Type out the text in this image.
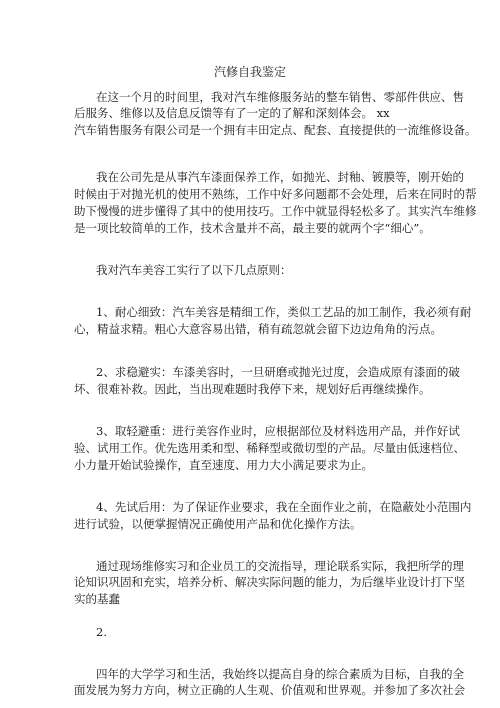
汽修自我鉴定
在这一个月的时间里，我对汽车维修服务站的整车销售、零部件供应、售
后服务、维修以及信息反馈等有了一定的了解和深刻体会。 xx
汽车销售服务有限公司是一个拥有丰田定点、配套、直接提供的一流维修设备。
我在公司先是从事汽车漆面保养工作，如抛光、封釉、镀膜等，刚开始的
时候由于对抛光机的使用不熟练，工作中好多问题都不会处理，后来在同时的帮
助下慢慢的进步懂得了其中的使用技巧。工作中就显得轻松多了。其实汽车维修
是一项比较简单的工作，技术含量并不高，最主要的就两个字“细心”。
我对汽车美容工实行了以下几点原则：
1、耐心细致：汽车美容是精细工作，类似工艺品的加工制作，我必须有耐
心，精益求精。粗心大意容易出错，稍有疏忽就会留下边边角角的污点。
2、求稳避实：车漆美容时，一旦研磨或抛光过度，会造成原有漆面的破
坏、很难补救。因此，当出现难题时我停下来，规划好后再继续操作。
3、取轻避重：进行美容作业时，应根据部位及材料选用产品，并作好试
验、试用工作。优先选用柔和型、稀释型或微切型的产品。尽量由低速档位、
小力量开始试验操作，直至速度、用力大小满足要求为止。
4、先试后用：为了保证作业要求，我在全面作业之前，在隐蔽处小范围内
进行试验，以便掌握情况正确使用产品和优化操作方法。
通过现场维修实习和企业员工的交流指导，理论联系实际，我把所学的理
论知识巩固和充实，培养分析、解决实际问题的能力，为后继毕业设计打下坚
实的基蠢
2.
四年的大学学习和生活，我始终以提高自身的综合素质为目标，自我的全
面发展为努力方向，树立正确的人生观、价值观和世界观。并参加了多次社会
